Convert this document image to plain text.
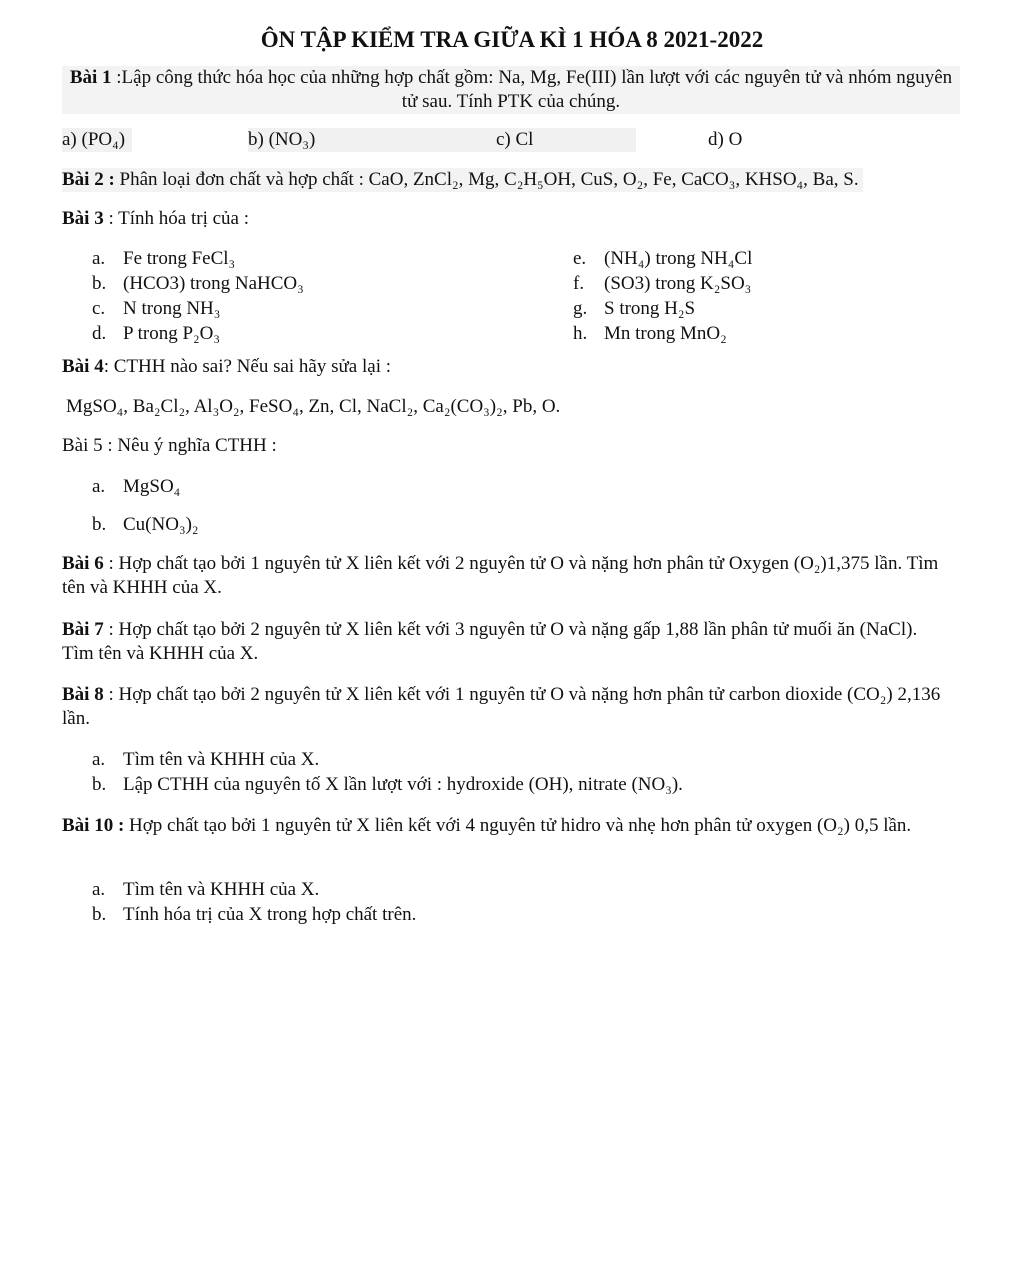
ÔN TẬP KIỂM TRA GIỮA KÌ 1 HÓA 8 2021-2022
Bài 1 :Lập công thức hóa học của những hợp chất gồm: Na, Mg, Fe(III) lần lượt với các nguyên tử và nhóm nguyên tử sau. Tính PTK của chúng.
a) (PO₄)	b) (NO₃)	c) Cl	d) O
Bài 2 : Phân loại đơn chất và hợp chất : CaO, ZnCl₂, Mg, C₂H₅OH, CuS, O₂, Fe, CaCO₃, KHSO₄, Ba, S.
Bài 3 : Tính hóa trị của :
a. Fe trong FeCl₃
b. (HCO3) trong NaHCO₃
c. N trong NH₃
d. P trong P₂O₃
e. (NH₄) trong NH₄Cl
f. (SO3) trong K₂SO₃
g. S trong H₂S
h. Mn trong MnO₂
Bài 4: CTHH nào sai? Nếu sai hãy sửa lại :
MgSO₄, Ba₂Cl₂, Al₃O₂, FeSO₄, Zn, Cl, NaCl₂, Ca₂(CO₃)₂, Pb, O.
Bài 5 : Nêu ý nghĩa CTHH :
a. MgSO₄
b. Cu(NO₃)₂
Bài 6 : Hợp chất tạo bởi 1 nguyên tử X liên kết với 2 nguyên tử O và nặng hơn phân tử Oxygen (O₂)1,375 lần. Tìm tên và KHHH của X.
Bài 7 : Hợp chất tạo bởi 2 nguyên tử X liên kết với 3 nguyên tử O và nặng gấp 1,88 lần phân tử muối ăn (NaCl). Tìm tên và KHHH của X.
Bài 8 : Hợp chất tạo bởi 2 nguyên tử X liên kết với 1 nguyên tử O và nặng hơn phân tử carbon dioxide (CO₂) 2,136 lần.
a. Tìm tên và KHHH của X.
b. Lập CTHH của nguyên tố X lần lượt với : hydroxide (OH), nitrate (NO₃).
Bài 10 : Hợp chất tạo bởi 1 nguyên tử X liên kết với 4 nguyên tử hidro và nhẹ hơn phân tử oxygen (O₂) 0,5 lần.
a. Tìm tên và KHHH của X.
b. Tính hóa trị của X trong hợp chất trên.
